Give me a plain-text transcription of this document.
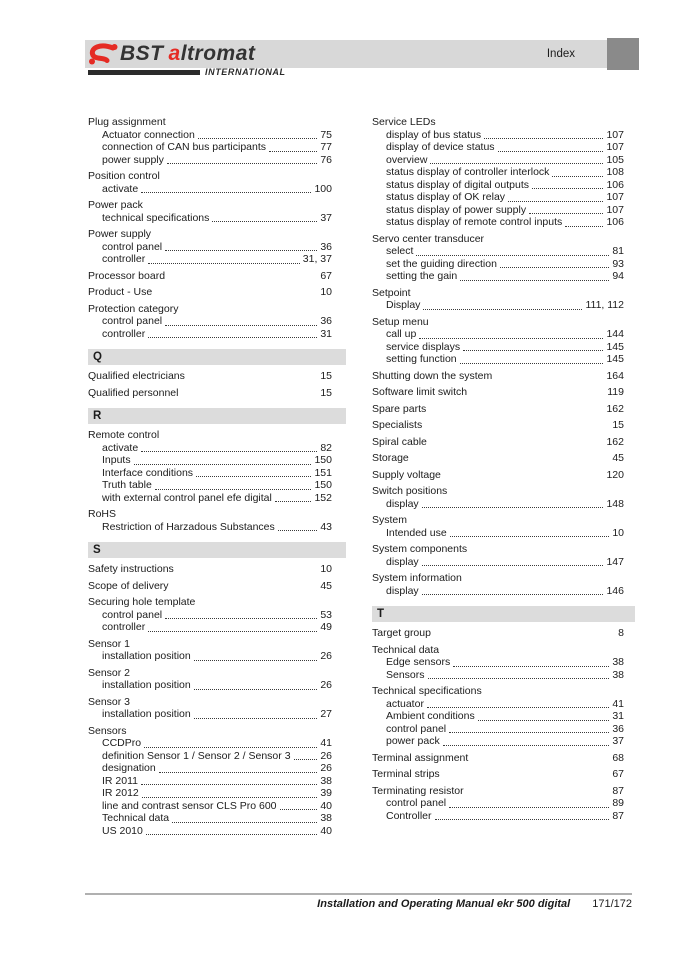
Index
BST altromat
INTERNATIONAL
Plug assignment
Actuator connection	75
connection of CAN bus participants	77
power supply	76
Position control
activate	100
Power pack
technical specifications	37
Power supply
control panel	36
controller	31, 37
Processor board	67
Product - Use	10
Protection category
control panel	36
controller	31
Q
Qualified electricians	15
Qualified personnel	15
R
Remote control
activate	82
Inputs	150
Interface conditions	151
Truth table	150
with external control panel efe digital	152
RoHS
Restriction of Harzadous Substances	43
S
Safety instructions	10
Scope of delivery	45
Securing hole template
control panel	53
controller	49
Sensor 1
installation position	26
Sensor 2
installation position	26
Sensor 3
installation position	27
Sensors
CCDPro	41
definition Sensor 1 / Sensor 2 / Sensor 3	26
designation	26
IR 2011	38
IR 2012	39
line and contrast sensor CLS Pro 600	40
Technical data	38
US 2010	40
Service LEDs
display of bus status	107
display of device status	107
overview	105
status display of controller interlock	108
status display of digital outputs	106
status display of OK relay	107
status display of power supply	107
status display of remote control inputs	106
Servo center transducer
select	81
set the guiding direction	93
setting the gain	94
Setpoint
Display	111, 112
Setup menu
call up	144
service displays	145
setting function	145
Shutting down the system	164
Software limit switch	119
Spare parts	162
Specialists	15
Spiral cable	162
Storage	45
Supply voltage	120
Switch positions
display	148
System
Intended use	10
System components
display	147
System information
display	146
T
Target group	8
Technical data
Edge sensors	38
Sensors	38
Technical specifications
actuator	41
Ambient conditions	31
control panel	36
power pack	37
Terminal assignment	68
Terminal strips	67
Terminating resistor	87
control panel	89
Controller	87
Installation and Operating Manual ekr 500 digital 171/172
